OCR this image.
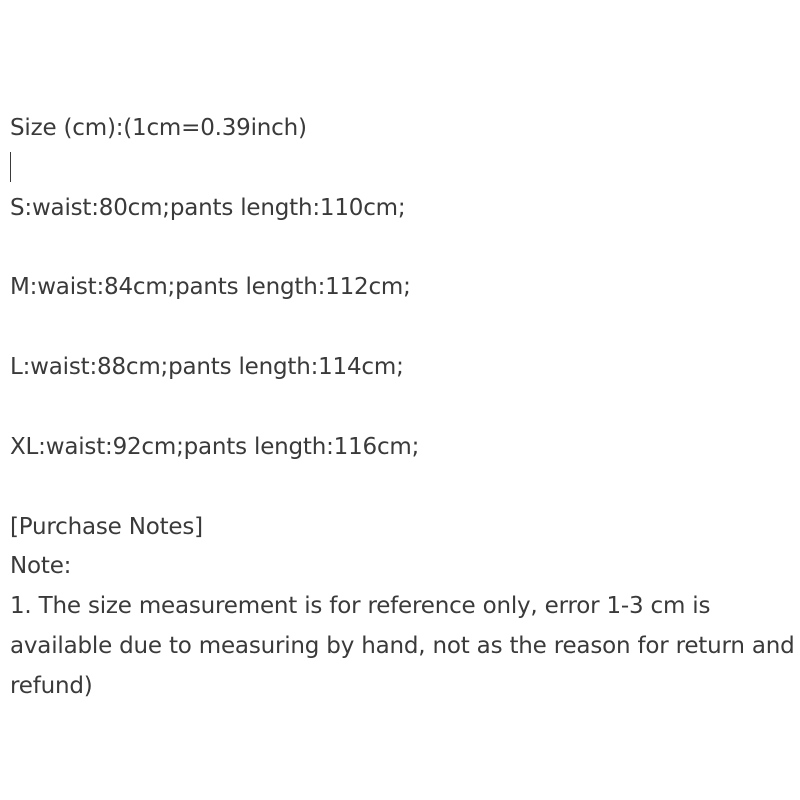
Size (cm):(1cm=0.39inch)
S:waist:80cm;pants length:110cm;
M:waist:84cm;pants length:112cm;
L:waist:88cm;pants length:114cm;
XL:waist:92cm;pants length:116cm;
[Purchase Notes]
Note:
1. The size measurement is for reference only, error 1-3 cm is available due to measuring by hand, not as the reason for return and refund)
